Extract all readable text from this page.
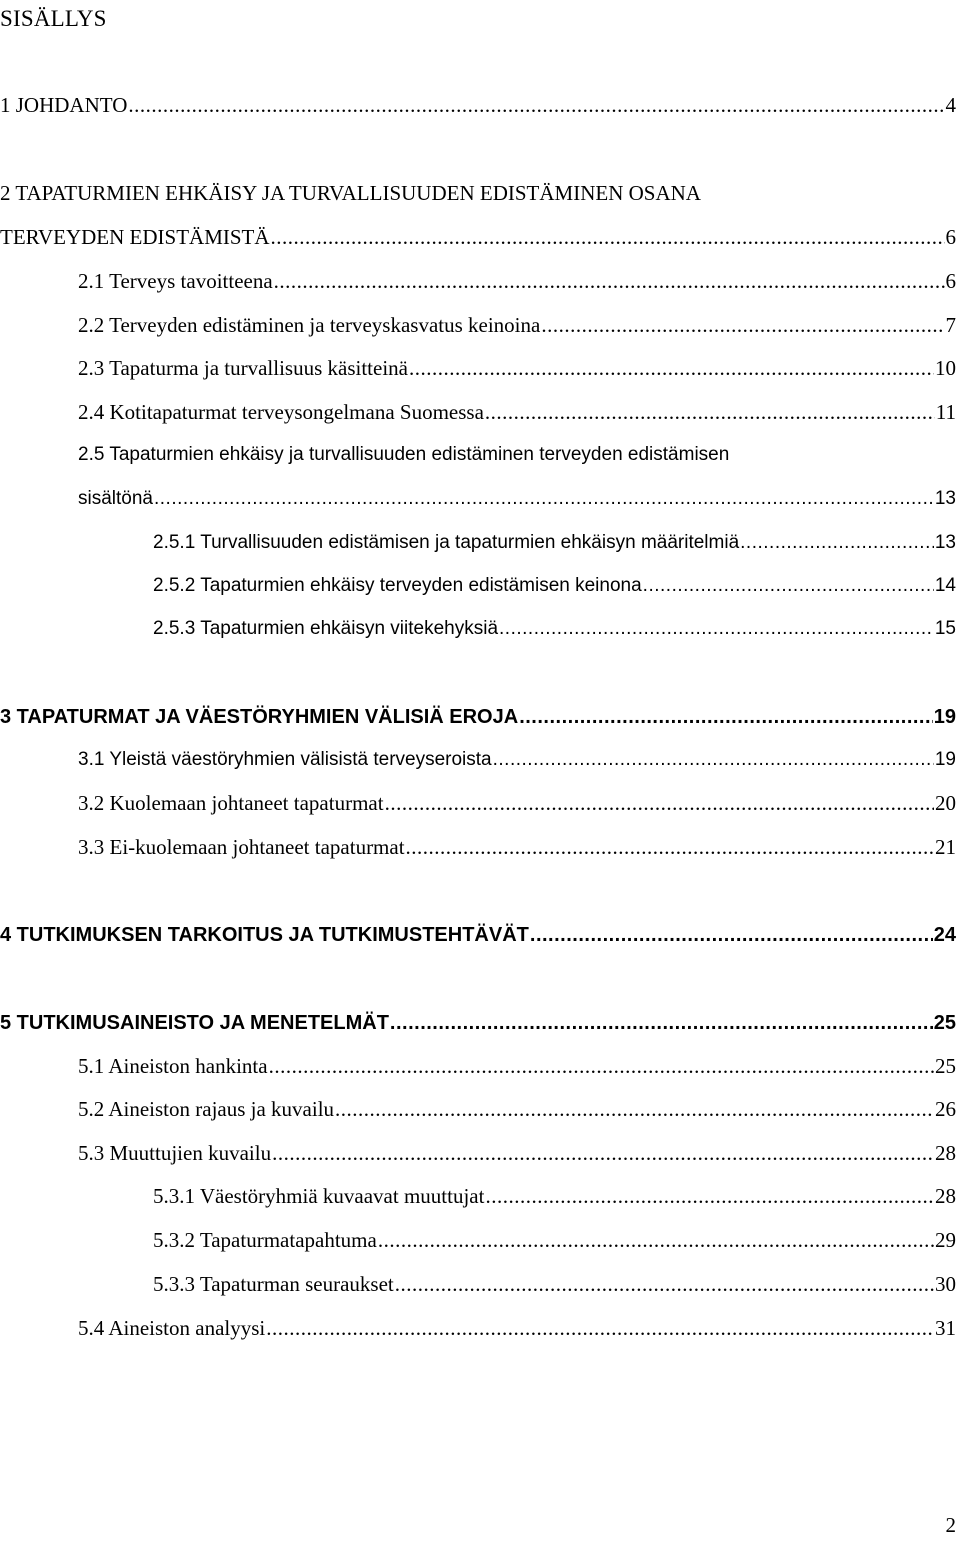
SISÄLLYS
1 JOHDANTO .....	4
2 TAPATURMIEN EHKÄISY JA TURVALLISUUDEN EDISTÄMINEN OSANA
TERVEYDEN EDISTÄMISTÄ .....	6
2.1 Terveys tavoitteena .....	6
2.2 Terveyden edistäminen ja terveyskasvatus keinoina .....	7
2.3 Tapaturma ja turvallisuus käsitteinä .....	10
2.4 Kotitapaturmat terveysongelmana Suomessa .....	11
2.5 Tapaturmien ehkäisy ja turvallisuuden edistäminen terveyden edistämisen
sisältönä .....	13
2.5.1 Turvallisuuden edistämisen ja tapaturmien ehkäisyn määritelmiä .....	13
2.5.2 Tapaturmien ehkäisy terveyden edistämisen keinona .....	14
2.5.3 Tapaturmien ehkäisyn viitekehyksiä .....	15
3 TAPATURMAT JA VÄESTÖRYHMIEN VÄLISIÄ EROJA .....	19
3.1 Yleistä väestöryhmien välisistä terveyseroista .....	19
3.2 Kuolemaan johtaneet tapaturmat .....	20
3.3 Ei-kuolemaan johtaneet tapaturmat .....	21
4 TUTKIMUKSEN TARKOITUS JA TUTKIMUSTEHTÄVÄT .....	24
5 TUTKIMUSAINEISTO JA MENETELMÄT .....	25
5.1 Aineiston hankinta .....	25
5.2 Aineiston rajaus ja kuvailu .....	26
5.3 Muuttujien kuvailu .....	28
5.3.1 Väestöryhmiä kuvaavat muuttujat .....	28
5.3.2 Tapaturmatapahtuma .....	29
5.3.3 Tapaturman seuraukset .....	30
5.4 Aineiston analyysi .....	31
2
